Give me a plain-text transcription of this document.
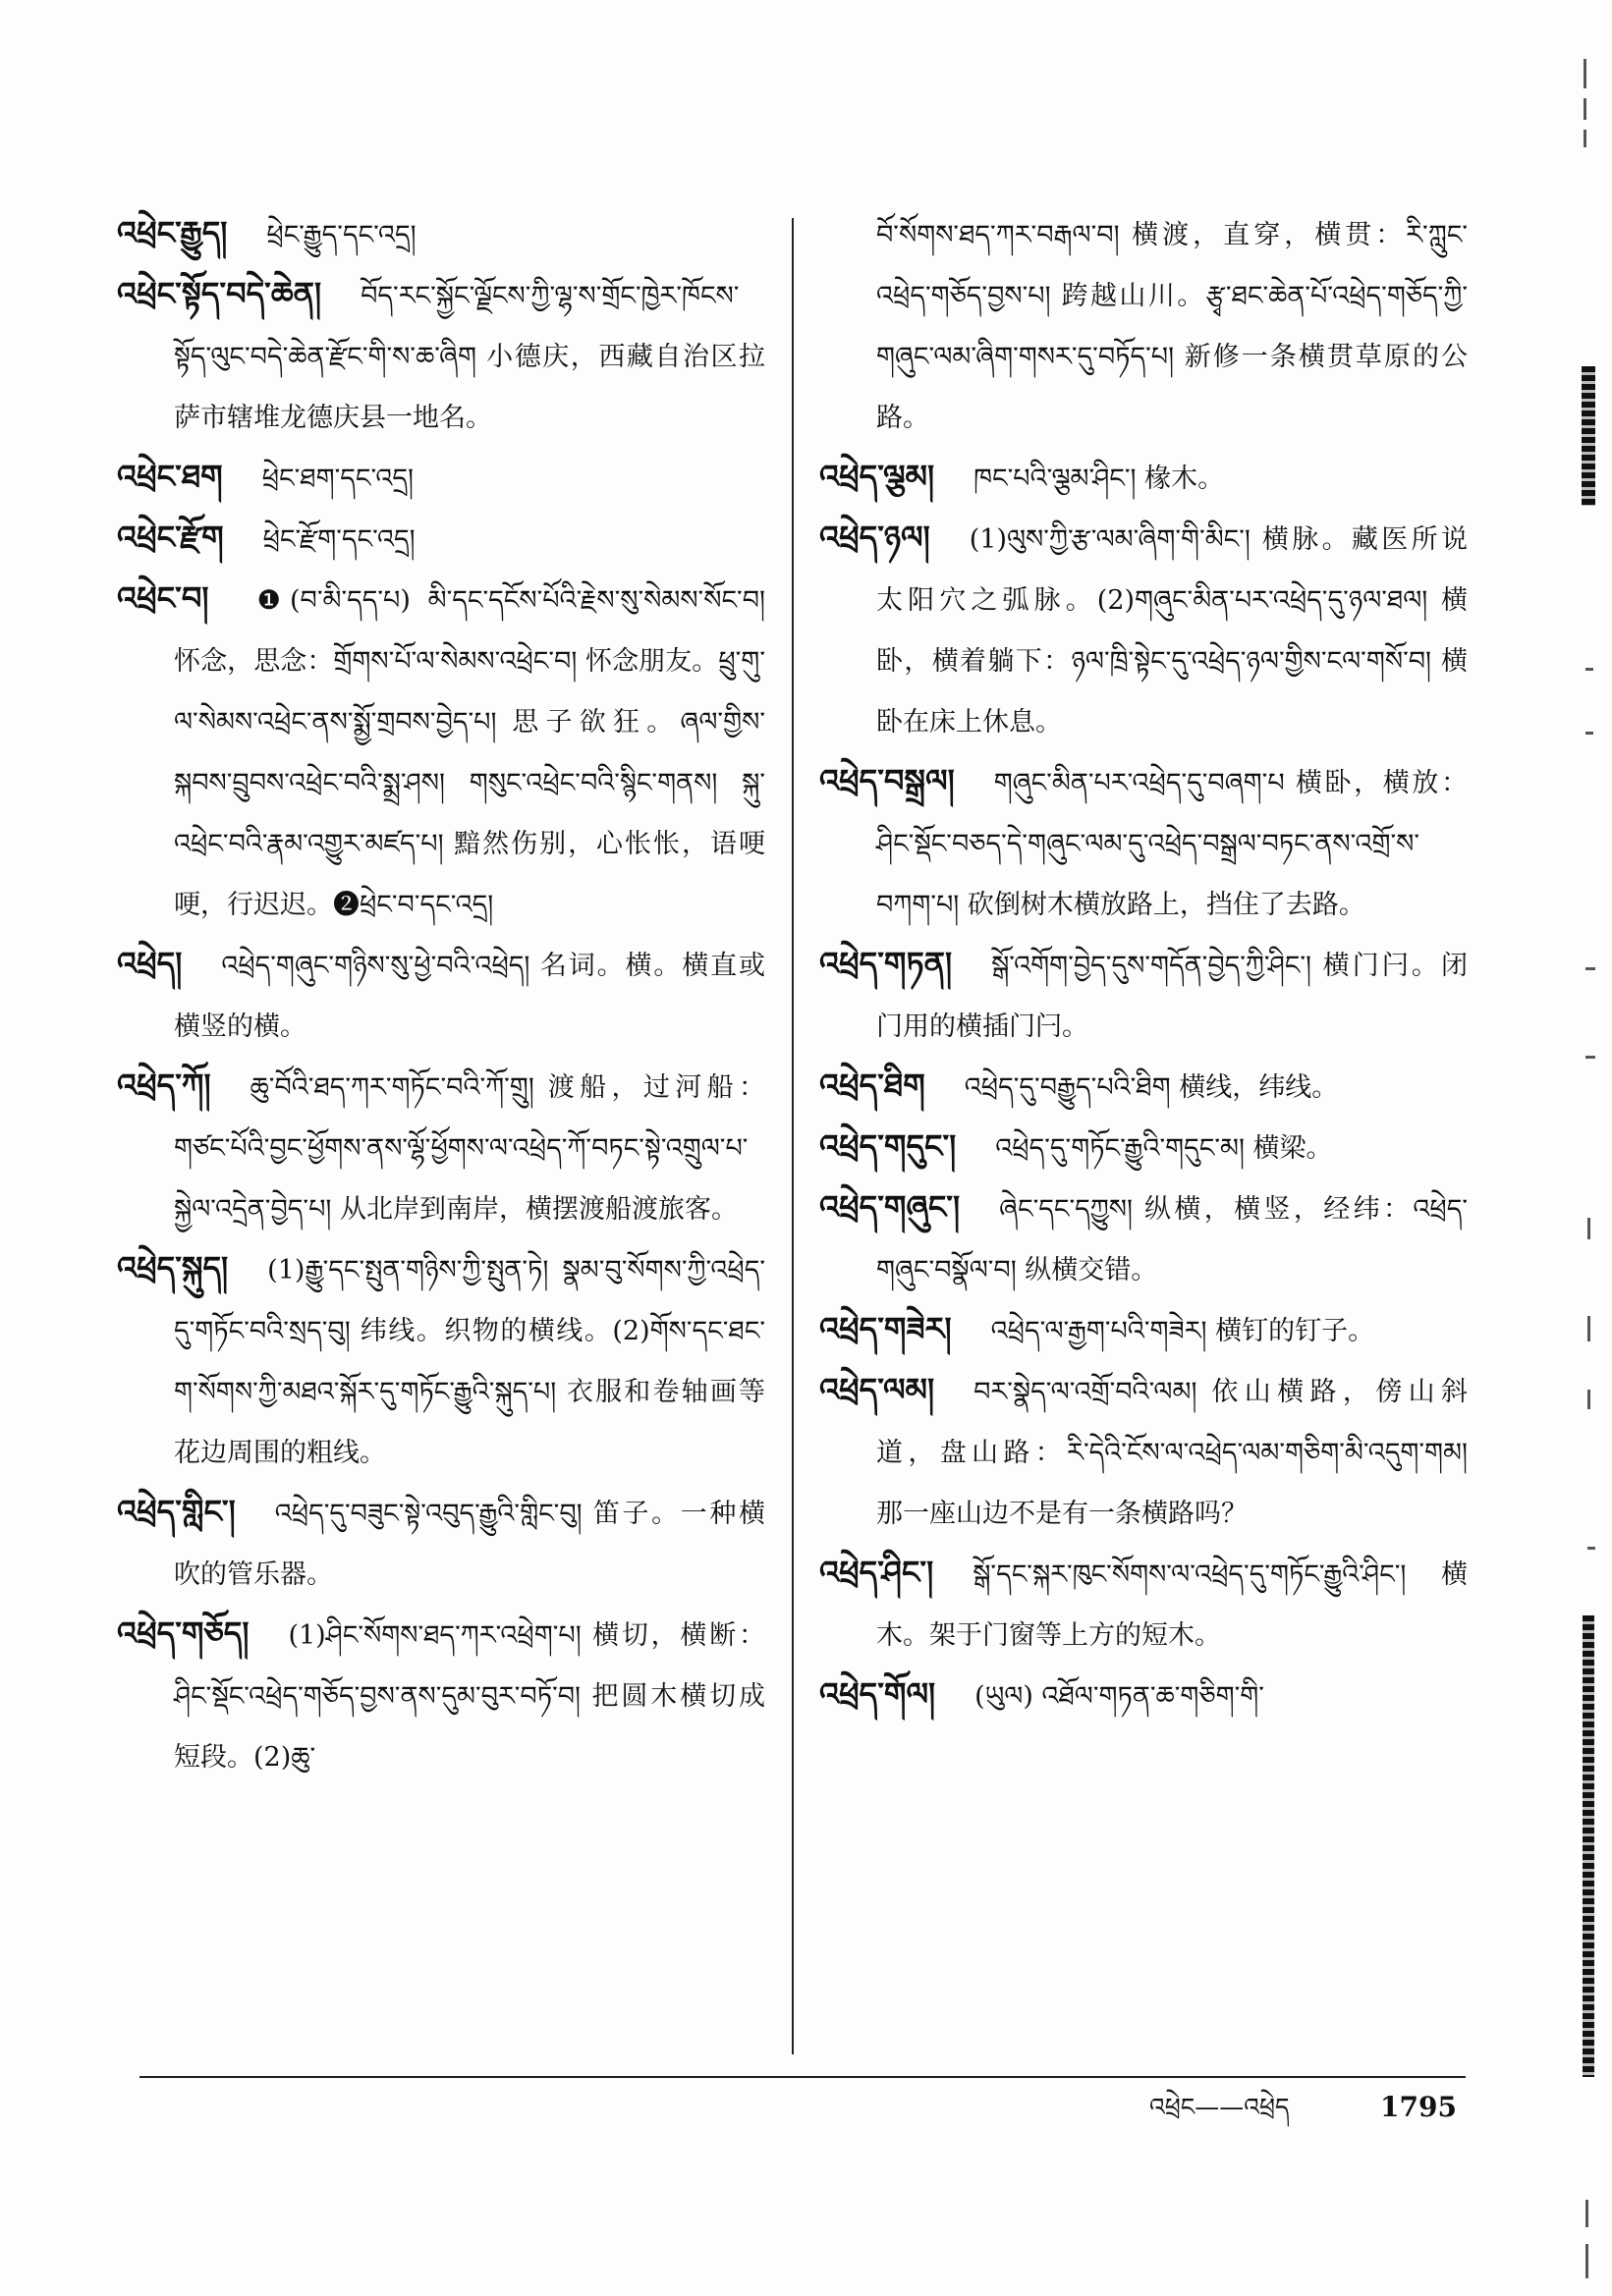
འཕྲེང་རྒྱུད། ཕྲེང་རྒྱུད་དང་འདྲ།

འཕྲེང་སྟོད་བདེ་ཆེན། བོད་རང་སྐྱོང་ལྗོངས་ཀྱི་ལྷ་ས་གྲོང་ཁྱེར་ཁོངས་སྟོད་ལུང་བདེ་ཆེན་རྫོང་གི་ས་ཆ་ཞིག 小德庆，西藏自治区拉萨市辖堆龙德庆县一地名。

འཕྲེང་ཐག ཕྲེང་ཐག་དང་འདྲ།

འཕྲེང་རྫོག ཕྲེང་རྫོག་དང་འདྲ།

འཕྲེང་བ། ❶(བ་མི་དད་པ) མི་དང་དངོས་པོའི་རྗེས་སུ་སེམས་སོང་བ། 怀念，思念：གྲོགས་པོ་ལ་སེམས་འཕྲེང་བ། 怀念朋友。ཕྲུ་གུ་ལ་སེམས་འཕྲེང་ནས་སྨྱོ་གྲབས་བྱེད་པ། 思子欲狂。ཞལ་གྱིས་སྐབས་བྲུབས་འཕྲེང་བའི་སྨྲ་ཤས། གསུང་འཕྲེང་བའི་སྙིང་གནས། སྐུ་འཕྲེང་བའི་རྣམ་འགྱུར་མཛད་པ། 黯然伤别，心怅怅，语哽哽，行迟迟。❷ཕྲེང་བ་དང་འདྲ།

འཕྲེད། འཕྲེད་གཞུང་གཉིས་སུ་ཕྱེ་བའི་འཕྲེད། 名词。横。横直或横竖的横。

འཕྲེད་ཀོ། ཆུ་བོའི་ཐད་ཀར་གཏོང་བའི་ཀོ་གྲུ། 渡船，过河船：གཙང་པོའི་བྱང་ཕྱོགས་ནས་ལྷོ་ཕྱོགས་ལ་འཕྲེད་ཀོ་བཏང་སྟེ་འགྲུལ་པ་སྐྱེལ་འདྲེན་བྱེད་པ། 从北岸到南岸，横摆渡船渡旅客。

འཕྲེད་སྐུད། (1)རྒྱུ་དང་སྤུན་གཉིས་ཀྱི་སྤུན་ཏེ། སྣམ་བུ་སོགས་ཀྱི་འཕྲེད་དུ་གཏོང་བའི་སྲད་བུ། 纬线。织物的横线。(2)གོས་དང་ཐང་ག་སོགས་ཀྱི་མཐའ་སྐོར་དུ་གཏོང་རྒྱུའི་སྐུད་པ། 衣服和卷轴画等花边周围的粗线。

འཕྲེད་གླིང་། འཕྲེད་དུ་བཟུང་སྟེ་འབུད་རྒྱུའི་གླིང་བུ། 笛子。一种横吹的管乐器。

འཕྲེད་གཅོད། (1)ཤིང་སོགས་ཐད་ཀར་འཕྲེག་པ། 横切，横断：ཤིང་སྡོང་འཕྲེད་གཅོད་བྱས་ནས་དུམ་བུར་བཏོ་བ། 把圆木横切成短段。(2)ཆུ་

བོ་སོགས་ཐད་ཀར་བརྒལ་བ། 横渡，直穿，横贯：རི་ཀླུང་འཕྲེད་གཅོད་བྱས་པ། 跨越山川。རྩྭ་ཐང་ཆེན་པོ་འཕྲེད་གཅོད་ཀྱི་གཞུང་ལམ་ཞིག་གསར་དུ་བཏོད་པ། 新修一条横贯草原的公路。

འཕྲེད་ལྕམ། ཁང་པའི་ལྕམ་ཤིང་། 椽木。

འཕྲེད་ཉལ། (1)ལུས་ཀྱི་རྩ་ལམ་ཞིག་གི་མིང་། 横脉。藏医所说太阳穴之弧脉。(2)གཞུང་མིན་པར་འཕྲེད་དུ་ཉལ་ཐལ། 横卧，横着躺下：ཉལ་ཁྲི་སྟེང་དུ་འཕྲེད་ཉལ་གྱིས་ངལ་གསོ་བ། 横卧在床上休息。

འཕྲེད་བསྒྲལ། གཞུང་མིན་པར་འཕྲེད་དུ་བཞག་པ 横卧，横放：ཤིང་སྡོང་བཅད་དེ་གཞུང་ལམ་དུ་འཕྲེད་བསྒྲལ་བཏང་ནས་འགྲོ་ས་བཀག་པ། 砍倒树木横放路上，挡住了去路。

འཕྲེད་གཏན། སྒོ་འགོག་བྱེད་དུས་གདོན་བྱེད་ཀྱི་ཤིང་། 横门闩。闭门用的横插门闩。

འཕྲེད་ཐིག འཕྲེད་དུ་བརྒྱུད་པའི་ཐིག 横线，纬线。

འཕྲེད་གདུང་། འཕྲེད་དུ་གཏོང་རྒྱུའི་གདུང་མ། 横梁。

འཕྲེད་གཞུང་། ཞེང་དང་དཀྱུས། 纵横，横竖，经纬：འཕྲེད་གཞུང་བསྣོལ་བ། 纵横交错。

འཕྲེད་གཟེར། འཕྲེད་ལ་རྒྱག་པའི་གཟེར། 横钉的钉子。

འཕྲེད་ལམ། བར་སྣེད་ལ་འགྲོ་བའི་ལམ། 依山横路，傍山斜道，盘山路：རི་དེའི་ངོས་ལ་འཕྲེད་ལམ་གཅིག་མི་འདུག་གམ། 那一座山边不是有一条横路吗？

འཕྲེད་ཤིང་། སྒོ་དང་སྐར་ཁུང་སོགས་ལ་འཕྲེད་དུ་གཏོང་རྒྱུའི་ཤིང་། 横木。架于门窗等上方的短木。

འཕྲེད་གོལ། (ཡུལ) འཐོལ་གཏན་ཆ་གཅིག་གི་

འཕྲེང——འཕྲེད	1795
